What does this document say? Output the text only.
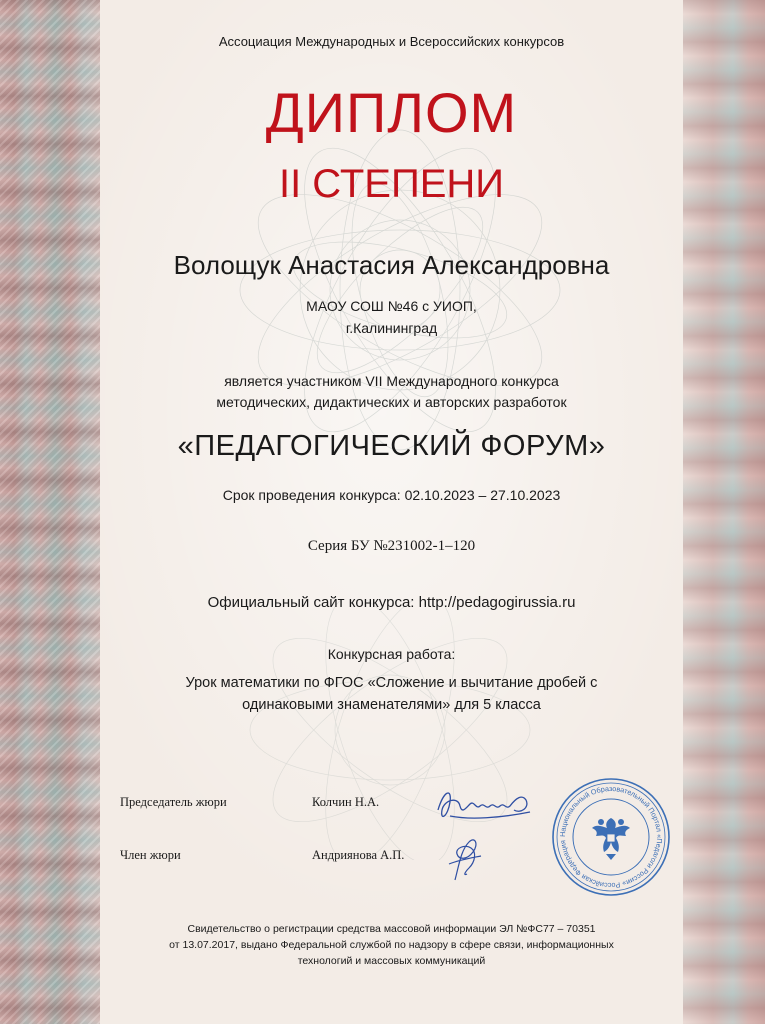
Ассоциация Международных и Всероссийских конкурсов
ДИПЛОМ
II СТЕПЕНИ
Волощук Анастасия Александровна
МАОУ СОШ №46 с УИОП,
г.Калининград
является участником VII Международного конкурса
методических, дидактических и авторских разработок
«ПЕДАГОГИЧЕСКИЙ ФОРУМ»
Срок проведения конкурса: 02.10.2023 – 27.10.2023
Серия БУ №231002-1–120
Официальный сайт конкурса: http://pedagogirussia.ru
Конкурсная работа:
Урок математики по ФГОС «Сложение и вычитание дробей с
одинаковыми знаменателями» для 5 класса
Председатель жюри	Колчин Н.А.
Член жюри	Андриянова А.П.
Национальный Образовательный Портал «Педагоги России» Российская Федерация
Свидетельство о регистрации средства массовой информации ЭЛ №ФС77 – 70351
от 13.07.2017, выдано Федеральной службой по надзору в сфере связи, информационных
технологий и массовых коммуникаций
